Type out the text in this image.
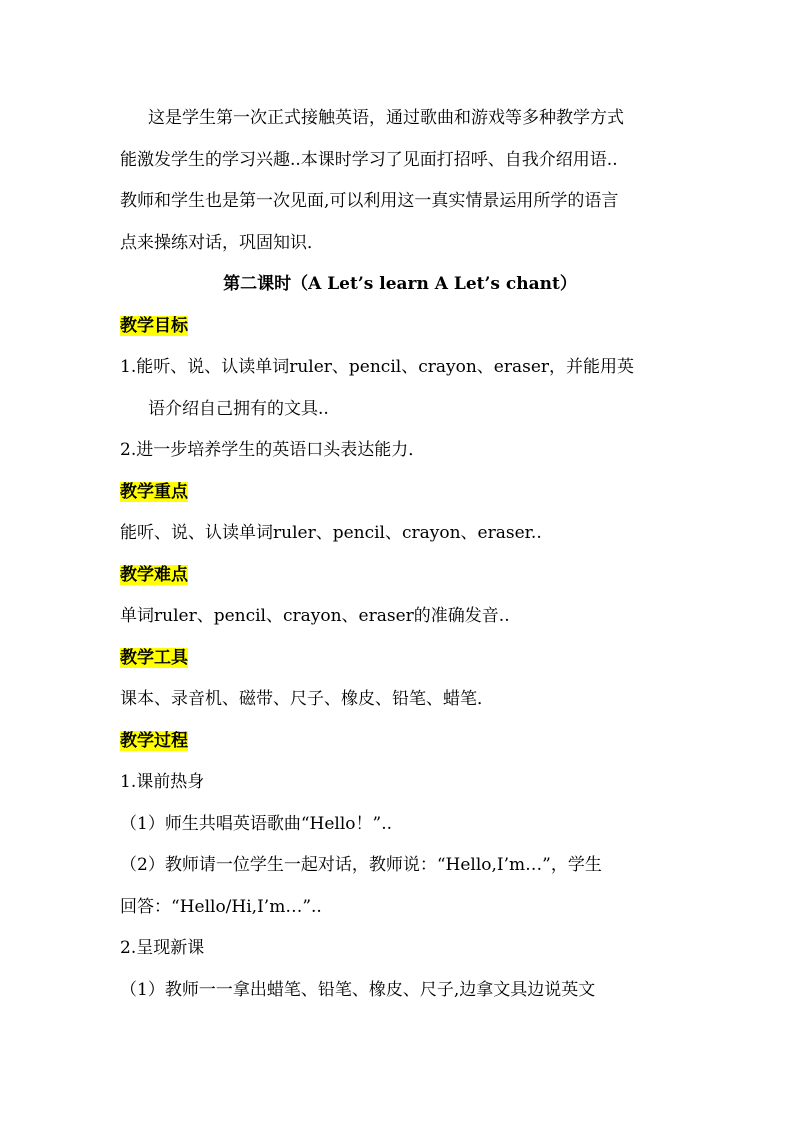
这是学生第一次正式接触英语，通过歌曲和游戏等多种教学方式
能激发学生的学习兴趣..本课时学习了见面打招呼、自我介绍用语..
教师和学生也是第一次见面,可以利用这一真实情景运用所学的语言
点来操练对话，巩固知识．
第二课时（A Let’s learn A Let’s chant）
教学目标
1.能听、说、认读单词ruler、pencil、crayon、eraser，并能用英
语介绍自己拥有的文具..
2.进一步培养学生的英语口头表达能力．
教学重点
能听、说、认读单词ruler、pencil、crayon、eraser..
教学难点
单词ruler、pencil、crayon、eraser的准确发音..
教学工具
课本、录音机、磁带、尺子、橡皮、铅笔、蜡笔．
教学过程
1.课前热身
（1）师生共唱英语歌曲“Hello！”..
（2）教师请一位学生一起对话，教师说：“Hello,I’m…”，学生
回答：“Hello/Hi,I’m…”..
2.呈现新课
（1）教师一一拿出蜡笔、铅笔、橡皮、尺子,边拿文具边说英文
